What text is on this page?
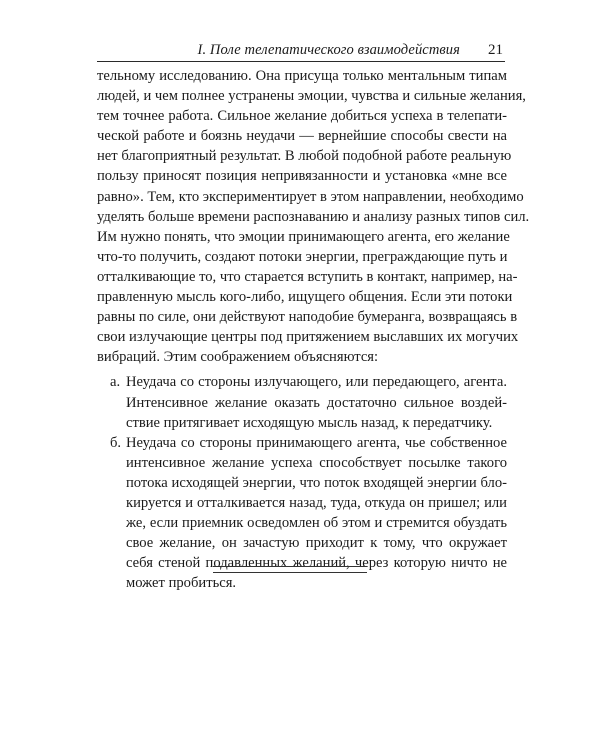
I. Поле телепатического взаимодействия 21
тельному исследованию. Она присуща только ментальным типам
людей, и чем полнее устранены эмоции, чувства и сильные желания,
тем точнее работа. Сильное желание добиться успеха в телепати-
ческой работе и боязнь неудачи — вернейшие способы свести на
нет благоприятный результат. В любой подобной работе реальную
пользу приносят позиция непривязанности и установка «мне все
равно». Тем, кто экспериментирует в этом направлении, необходимо
уделять больше времени распознаванию и анализу разных типов сил.
Им нужно понять, что эмоции принимающего агента, его желание
что-то получить, создают потоки энергии, преграждающие путь и
отталкивающие то, что старается вступить в контакт, например, на-
правленную мысль кого-либо, ищущего общения. Если эти потоки
равны по силе, они действуют наподобие бумеранга, возвращаясь в
свои излучающие центры под притяжением выславших их могучих
вибраций. Этим соображением объясняются:
а. Неудача со стороны излучающего, или передающего, агента.
Интенсивное желание оказать достаточно сильное воздей-
ствие притягивает исходящую мысль назад, к передатчику.
б. Неудача со стороны принимающего агента, чье собственное
интенсивное желание успеха способствует посылке такого
потока исходящей энергии, что поток входящей энергии бло-
кируется и отталкивается назад, туда, откуда он пришел; или
же, если приемник осведомлен об этом и стремится обуздать
свое желание, он зачастую приходит к тому, что окружает
себя стеной подавленных желаний, через которую ничто не
может пробиться.
